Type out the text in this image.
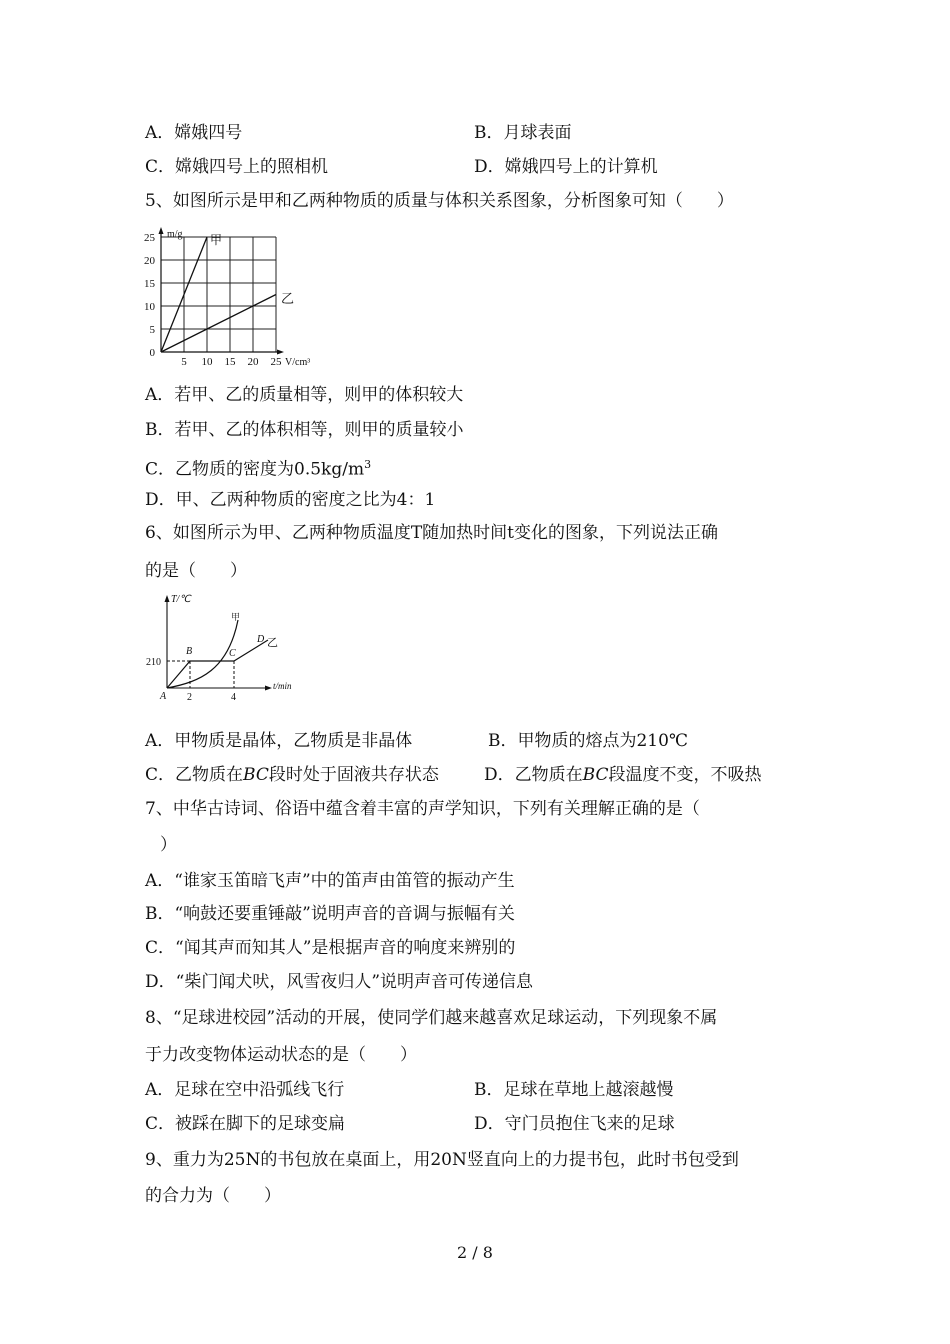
A．嫦娥四号	B．月球表面
C．嫦娥四号上的照相机	D．嫦娥四号上的计算机
5、如图所示是甲和乙两种物质的质量与体积关系图象，分析图象可知（　　）
25
20
15
10
5
0
5 10 15 20 25
m/g
V/cm³
甲
乙
A．若甲、乙的质量相等，则甲的体积较大
B．若甲、乙的体积相等，则甲的质量较小
C．乙物质的密度为$0.5kg/m^3$
D．甲、乙两种物质的密度之比为4：1
6、如图所示为甲、乙两种物质温度T随加热时间t变化的图象，下列说法正确
的是（　　）
T/℃
t/min
210
2	4
A
B	C
D
甲
乙
A．甲物质是晶体，乙物质是非晶体	B．甲物质的熔点为210℃
C．乙物质在BC段时处于固液共存状态	D．乙物质在BC段温度不变，不吸热
7、中华古诗词、俗语中蕴含着丰富的声学知识，下列有关理解正确的是（
）
A．“谁家玉笛暗飞声”中的笛声由笛管的振动产生
B．“响鼓还要重锤敲”说明声音的音调与振幅有关
C．“闻其声而知其人”是根据声音的响度来辨别的
D．“柴门闻犬吠，风雪夜归人”说明声音可传递信息
8、“足球进校园”活动的开展，使同学们越来越喜欢足球运动，下列现象不属
于力改变物体运动状态的是（　　）
A．足球在空中沿弧线飞行	B．足球在草地上越滚越慢
C．被踩在脚下的足球变扁	D．守门员抱住飞来的足球
9、重力为25N的书包放在桌面上，用20N竖直向上的力提书包，此时书包受到
的合力为（　　）
2 / 8
